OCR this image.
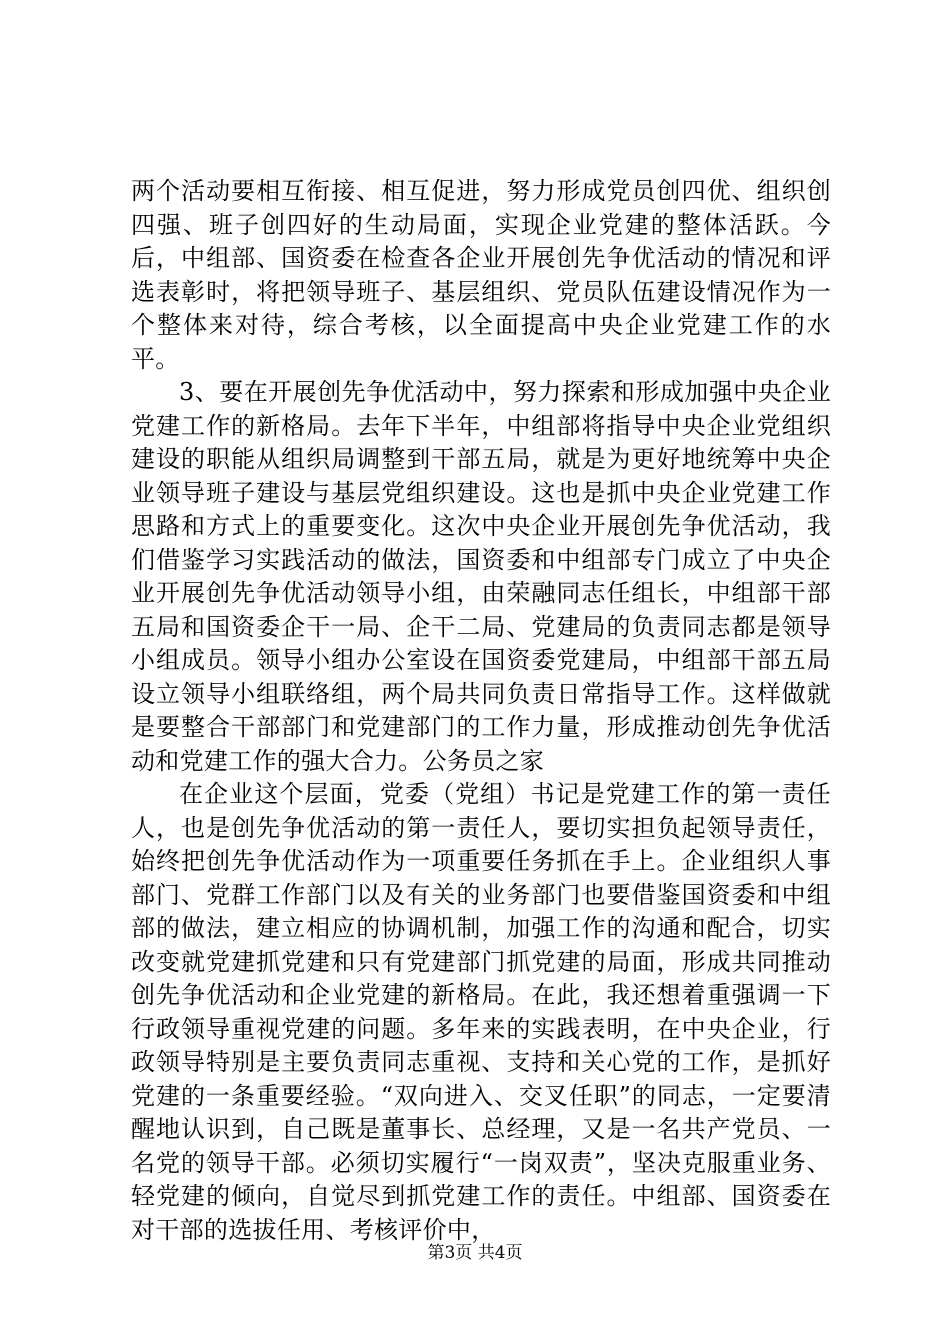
两个活动要相互衔接、相互促进，努力形成党员创四优、组织创四强、班子创四好的生动局面，实现企业党建的整体活跃。今后，中组部、国资委在检查各企业开展创先争优活动的情况和评选表彰时，将把领导班子、基层组织、党员队伍建设情况作为一个整体来对待，综合考核，以全面提高中央企业党建工作的水平。

3、要在开展创先争优活动中，努力探索和形成加强中央企业党建工作的新格局。去年下半年，中组部将指导中央企业党组织建设的职能从组织局调整到干部五局，就是为更好地统筹中央企业领导班子建设与基层党组织建设。这也是抓中央企业党建工作思路和方式上的重要变化。这次中央企业开展创先争优活动，我们借鉴学习实践活动的做法，国资委和中组部专门成立了中央企业开展创先争优活动领导小组，由荣融同志任组长，中组部干部五局和国资委企干一局、企干二局、党建局的负责同志都是领导小组成员。领导小组办公室设在国资委党建局，中组部干部五局设立领导小组联络组，两个局共同负责日常指导工作。这样做就是要整合干部部门和党建部门的工作力量，形成推动创先争优活动和党建工作的强大合力。公务员之家

在企业这个层面，党委（党组）书记是党建工作的第一责任人，也是创先争优活动的第一责任人，要切实担负起领导责任，始终把创先争优活动作为一项重要任务抓在手上。企业组织人事部门、党群工作部门以及有关的业务部门也要借鉴国资委和中组部的做法，建立相应的协调机制，加强工作的沟通和配合，切实改变就党建抓党建和只有党建部门抓党建的局面，形成共同推动创先争优活动和企业党建的新格局。在此，我还想着重强调一下行政领导重视党建的问题。多年来的实践表明，在中央企业，行政领导特别是主要负责同志重视、支持和关心党的工作，是抓好党建的一条重要经验。“双向进入、交叉任职”的同志，一定要清醒地认识到，自己既是董事长、总经理，又是一名共产党员、一名党的领导干部。必须切实履行“一岗双责”，坚决克服重业务、轻党建的倾向，自觉尽到抓党建工作的责任。中组部、国资委在对干部的选拔任用、考核评价中，

第3页 共4页
